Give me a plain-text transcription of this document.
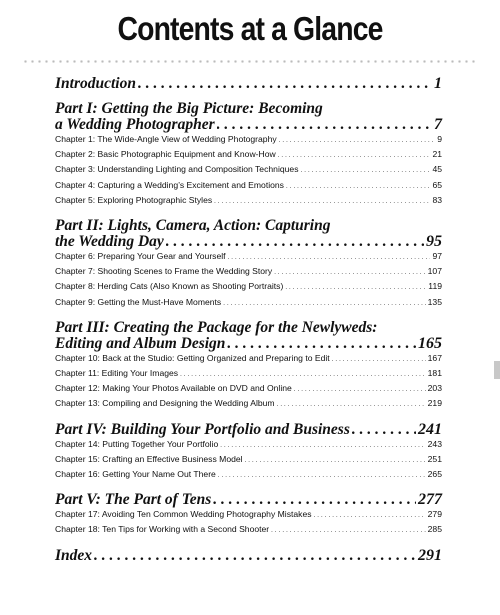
Contents at a Glance
Introduction . . .	1
Part I: Getting the Big Picture: Becoming
a Wedding Photographer . . .	7
Chapter 1: The Wide-Angle View of Wedding Photography . . .	9
Chapter 2: Basic Photographic Equipment and Know-How . . .	21
Chapter 3: Understanding Lighting and Composition Techniques . . .	45
Chapter 4: Capturing a Wedding’s Excitement and Emotions . . .	65
Chapter 5: Exploring Photographic Styles . . .	83
Part II: Lights, Camera, Action: Capturing
the Wedding Day . . .	95
Chapter 6: Preparing Your Gear and Yourself . . .	97
Chapter 7: Shooting Scenes to Frame the Wedding Story . . .	107
Chapter 8: Herding Cats (Also Known as Shooting Portraits) . . .	119
Chapter 9: Getting the Must-Have Moments . . .	135
Part III: Creating the Package for the Newlyweds:
Editing and Album Design . . .	165
Chapter 10: Back at the Studio: Getting Organized and Preparing to Edit . . .	167
Chapter 11: Editing Your Images . . .	181
Chapter 12: Making Your Photos Available on DVD and Online . . .	203
Chapter 13: Compiling and Designing the Wedding Album . . .	219
Part IV: Building Your Portfolio and Business . . .	241
Chapter 14: Putting Together Your Portfolio . . .	243
Chapter 15: Crafting an Effective Business Model . . .	251
Chapter 16: Getting Your Name Out There . . .	265
Part V: The Part of Tens . . .	277
Chapter 17: Avoiding Ten Common Wedding Photography Mistakes . . .	279
Chapter 18: Ten Tips for Working with a Second Shooter . . .	285
Index . . .	291
